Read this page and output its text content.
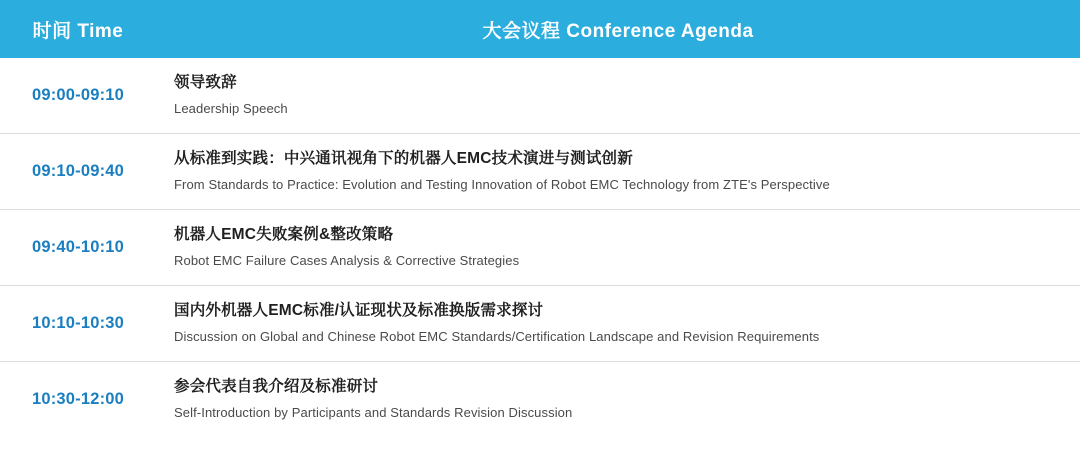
时间 Time	大会议程 Conference Agenda
09:00-09:10	领导致辞
Leadership Speech

09:10-09:40	从标准到实践：中兴通讯视角下的机器人EMC技术演进与测试创新
From Standards to Practice: Evolution and Testing Innovation of Robot EMC Technology from ZTE's Perspective

09:40-10:10	机器人EMC失败案例&整改策略
Robot EMC Failure Cases Analysis & Corrective Strategies

10:10-10:30	国内外机器人EMC标准/认证现状及标准换版需求探讨
Discussion on Global and Chinese Robot EMC Standards/Certification Landscape and Revision Requirements

10:30-12:00	参会代表自我介绍及标准研讨
Self-Introduction by Participants and Standards Revision Discussion
